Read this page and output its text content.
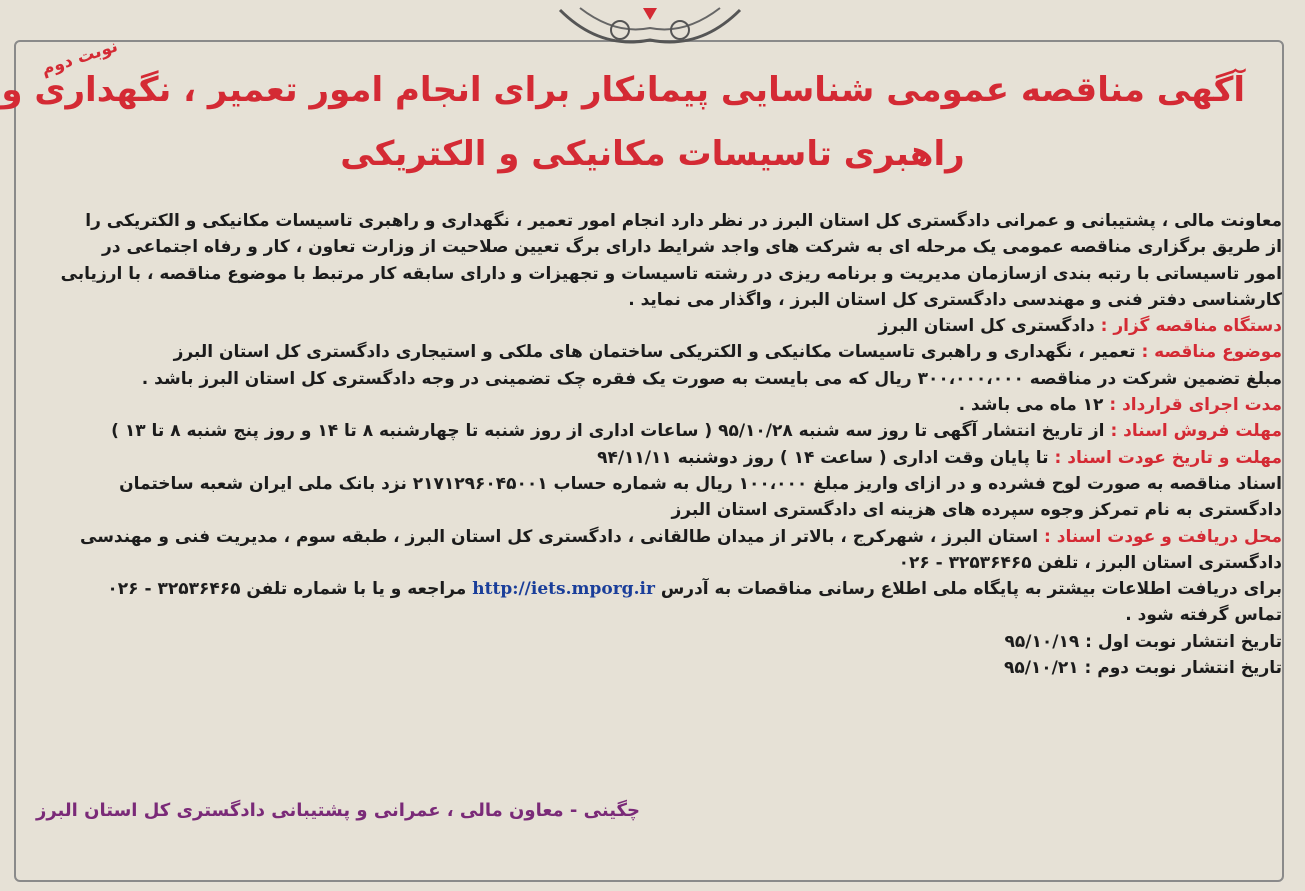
نوبت دوم
آگهی مناقصه عمومی شناسایی پیمانکار برای انجام امور تعمیر ، نگهداری و
راهبری تاسیسات مکانیکی و الکتریکی

معاونت مالی ، پشتیبانی و عمرانی دادگستری کل استان البرز در نظر دارد انجام امور تعمیر ، نگهداری و راهبری تاسیسات مکانیکی و الکتریکی را

از طریق برگزاری مناقصه عمومی یک مرحله ای به شرکت های واجد شرایط دارای برگ تعیین صلاحیت از وزارت تعاون ، کار و رفاه اجتماعی در

امور تاسیساتی با رتبه بندی ازسازمان مدیریت و برنامه ریزی در رشته تاسیسات و تجهیزات و دارای سابقه کار مرتبط با موضوع مناقصه ، با ارزیابی

کارشناسی دفتر فنی و مهندسی دادگستری کل استان البرز ، واگذار می نماید .

دستگاه مناقصه گزار : دادگستری کل استان البرز

موضوع مناقصه : تعمیر ، نگهداری و راهبری تاسیسات مکانیکی و الکتریکی ساختمان های ملکی و استیجاری دادگستری کل استان البرز

مبلغ تضمین شرکت در مناقصه ۳۰۰،۰۰۰،۰۰۰ ریال که می بایست به صورت یک فقره چک تضمینی در وجه دادگستری کل استان البرز باشد .

مدت اجرای قرارداد : ۱۲ ماه می باشد .

مهلت فروش اسناد : از تاریخ انتشار آگهی تا روز سه شنبه ۹۵/۱۰/۲۸ ( ساعات اداری از روز شنبه تا چهارشنبه ۸ تا ۱۴ و روز پنج شنبه ۸ تا ۱۳ )

مهلت و تاریخ عودت اسناد : تا پایان وقت اداری ( ساعت ۱۴ ) روز دوشنبه ۹۴/۱۱/۱۱

اسناد مناقصه به صورت لوح فشرده و در ازای واریز مبلغ ۱۰۰،۰۰۰ ریال به شماره حساب ۲۱۷۱۲۹۶۰۴۵۰۰۱ نزد بانک ملی ایران شعبه ساختمان

دادگستری به نام تمرکز وجوه سپرده های هزینه ای دادگستری استان البرز

محل دریافت و عودت اسناد : استان البرز ، شهرکرج ، بالاتر از میدان طالقانی ، دادگستری کل استان البرز ، طبقه سوم ، مدیریت فنی و مهندسی

دادگستری استان البرز ، تلفن ۳۲۵۳۶۴۶۵ - ۰۲۶

برای دریافت اطلاعات بیشتر به پایگاه ملی اطلاع رسانی مناقصات به آدرس http://iets.mporg.ir مراجعه و یا با شماره تلفن ۳۲۵۳۶۴۶۵ - ۰۲۶

تماس گرفته شود .

تاریخ انتشار نوبت اول : ۹۵/۱۰/۱۹

تاریخ انتشار نوبت دوم : ۹۵/۱۰/۲۱

چگینی - معاون مالی ، عمرانی و پشتیبانی دادگستری کل استان البرز
